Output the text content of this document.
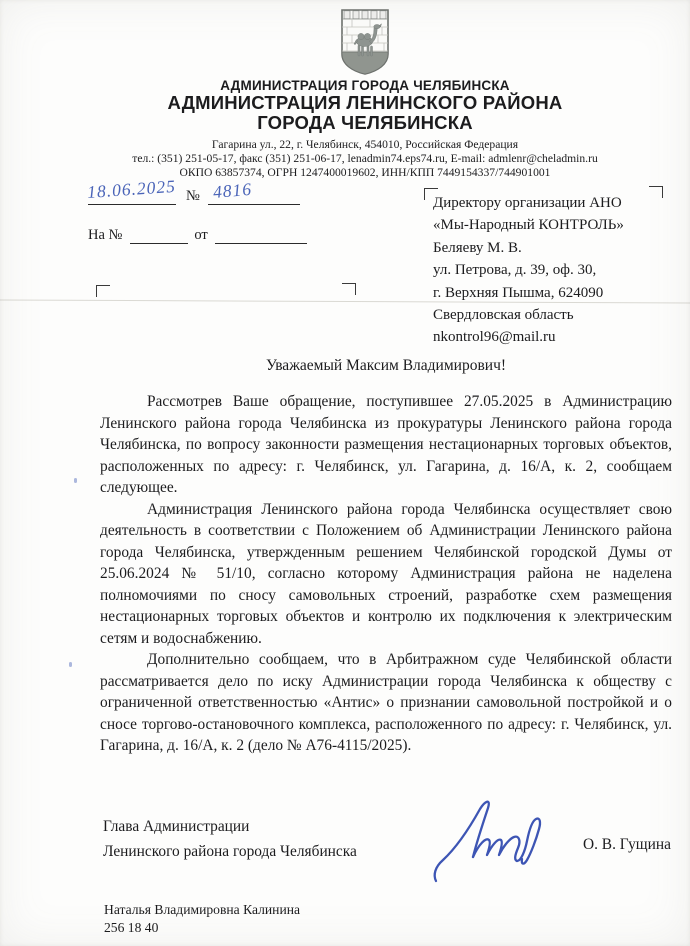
АДМИНИСТРАЦИЯ ГОРОДА ЧЕЛЯБИНСКА
АДМИНИСТРАЦИЯ ЛЕНИНСКОГО РАЙОНА
ГОРОДА ЧЕЛЯБИНСКА
Гагарина ул., 22, г. Челябинск, 454010, Российская Федерация
тел.: (351) 251-05-17, факс (351) 251-06-17, lenadmin74.eps74.ru, E-mail: admlenr@cheladmin.ru
ОКПО 63857374, ОГРН 1247400019602, ИНН/КПП 7449154337/744901001
18.06.2025 № 4816
На №	от
Директору организации АНО
«Мы-Народный КОНТРОЛЬ»
Беляеву М. В.
ул. Петрова, д. 39, оф. 30,
г. Верхняя Пышма, 624090
Свердловская область
nkontrol96@mail.ru
Уважаемый Максим Владимирович!

Рассмотрев Ваше обращение, поступившее 27.05.2025 в Администрацию Ленинского района города Челябинска из прокуратуры Ленинского района города Челябинска, по вопросу законности размещения нестационарных торговых объектов, расположенных по адресу: г. Челябинск, ул. Гагарина, д. 16/А, к. 2, сообщаем следующее.

Администрация Ленинского района города Челябинска осуществляет свою деятельность в соответствии с Положением об Администрации Ленинского района города Челябинска, утвержденным решением Челябинской городской Думы от 25.06.2024 № 51/10, согласно которому Администрация района не наделена полномочиями по сносу самовольных строений, разработке схем размещения нестационарных торговых объектов и контролю их подключения к электрическим сетям и водоснабжению.

Дополнительно сообщаем, что в Арбитражном суде Челябинской области рассматривается дело по иску Администрации города Челябинска к обществу с ограниченной ответственностью «Антис» о признании самовольной постройкой и о сносе торгово-остановочного комплекса, расположенного по адресу: г. Челябинск, ул. Гагарина, д. 16/А, к. 2 (дело № А76-4115/2025).

Глава Администрации
Ленинского района города Челябинска	О. В. Гущина
Наталья Владимировна Калинина
256 18 40
